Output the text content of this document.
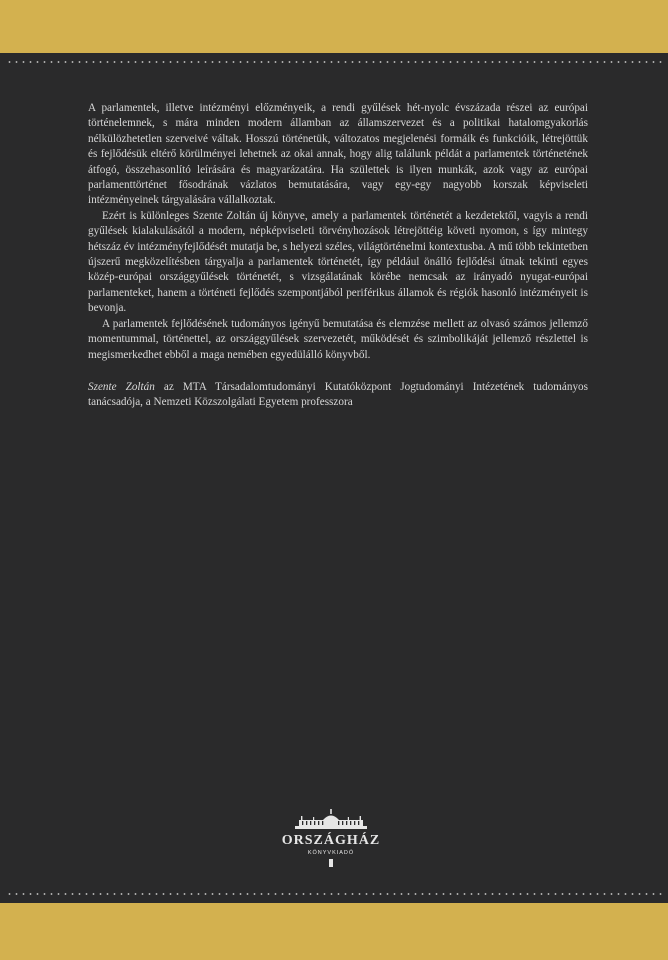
A parlamentek, illetve intézményi előzményeik, a rendi gyűlések hét-nyolc évszázada részei az európai történelemnek, s mára minden modern államban az államszervezet és a politikai hatalomgyakorlás nélkülözhetetlen szerveivé váltak. Hosszú történetük, változatos megjelenési formáik és funkcióik, létrejöttük és fejlődésük eltérő körülményei lehetnek az okai annak, hogy alig találunk példát a parlamentek történetének átfogó, összehasonlító leírására és magyarázatára. Ha születtek is ilyen munkák, azok vagy az európai parlamenttörténet fősodrának vázlatos bemutatására, vagy egy-egy nagyobb korszak képviseleti intézményeinek tárgyalására vállalkoztak.

Ezért is különleges Szente Zoltán új könyve, amely a parlamentek történetét a kezdetektől, vagyis a rendi gyűlések kialakulásától a modern, népképviseleti törvényhozások létrejöttéig követi nyomon, s így mintegy hétszáz év intézményfejlődését mutatja be, s helyezi széles, világtörténelmi kontextusba. A mű több tekintetben újszerű megközelítésben tárgyalja a parlamentek történetét, így például önálló fejlődési útnak tekinti egyes közép-európai országgyűlések történetét, s vizsgálatának körébe nemcsak az irányadó nyugat-európai parlamenteket, hanem a történeti fejlődés szempontjából periférikus államok és régiók hasonló intézményeit is bevonja.

A parlamentek fejlődésének tudományos igényű bemutatása és elemzése mellett az olvasó számos jellemző momentummal, történettel, az országgyűlések szervezetét, működését és szimbolikáját jellemző részlettel is megismerkedhet ebből a maga nemében egyedülálló könyvből.

Szente Zoltán az MTA Társadalomtudományi Kutatóközpont Jogtudományi Intézetének tudományos tanácsadója, a Nemzeti Közszolgálati Egyetem professzora

ORSZÁGHÁZ
KÖNYVKIADÓ
